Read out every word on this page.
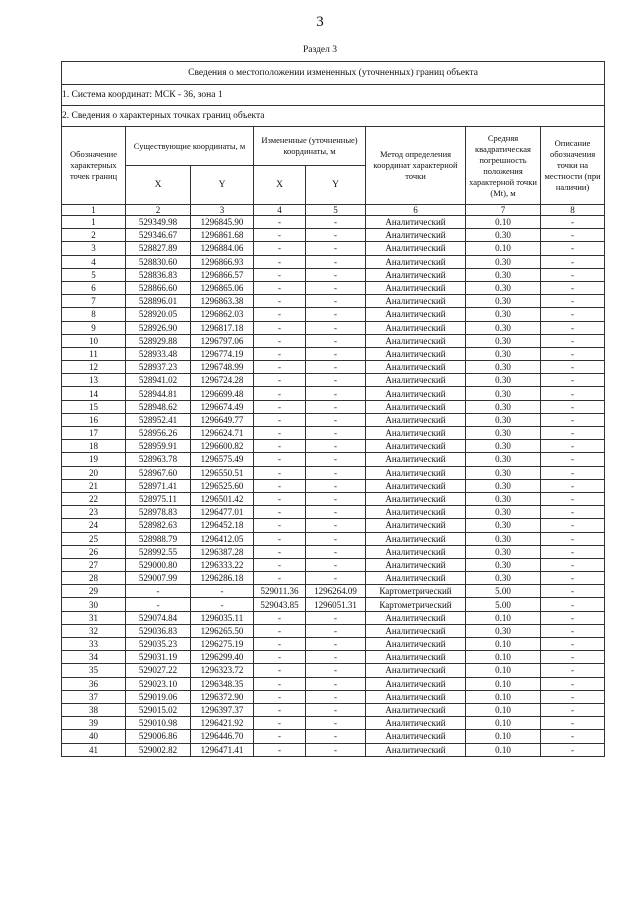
3
Раздел 3
Сведения о местоположении измененных (уточненных) границ объекта							
1. Система координат: МСК - 36, зона 1							
2. Сведения о характерных точках границ объекта							
Обозначение характерных точек границ	Существующие координаты, м		Измененные (уточненные) координаты, м		Метод определения координат характерной точки	Средняя квадратическая погрешность положения характерной точки (Mt), м	Описание обозначения точки на местности (при наличии)
	X	Y	X	Y			
1	2	3	4	5	6	7	8
1	529349.98	1296845.90	-	-	Аналитический	0.10	-
2	529346.67	1296861.68	-	-	Аналитический	0.30	-
3	528827.89	1296884.06	-	-	Аналитический	0.10	-
4	528830.60	1296866.93	-	-	Аналитический	0.30	-
5	528836.83	1296866.57	-	-	Аналитический	0.30	-
6	528866.60	1296865.06	-	-	Аналитический	0.30	-
7	528896.01	1296863.38	-	-	Аналитический	0.30	-
8	528920.05	1296862.03	-	-	Аналитический	0.30	-
9	528926.90	1296817.18	-	-	Аналитический	0.30	-
10	528929.88	1296797.06	-	-	Аналитический	0.30	-
11	528933.48	1296774.19	-	-	Аналитический	0.30	-
12	528937.23	1296748.99	-	-	Аналитический	0.30	-
13	528941.02	1296724.28	-	-	Аналитический	0.30	-
14	528944.81	1296699.48	-	-	Аналитический	0.30	-
15	528948.62	1296674.49	-	-	Аналитический	0.30	-
16	528952.41	1296649.77	-	-	Аналитический	0.30	-
17	528956.26	1296624.71	-	-	Аналитический	0.30	-
18	528959.91	1296600.82	-	-	Аналитический	0.30	-
19	528963.78	1296575.49	-	-	Аналитический	0.30	-
20	528967.60	1296550.51	-	-	Аналитический	0.30	-
21	528971.41	1296525.60	-	-	Аналитический	0.30	-
22	528975.11	1296501.42	-	-	Аналитический	0.30	-
23	528978.83	1296477.01	-	-	Аналитический	0.30	-
24	528982.63	1296452.18	-	-	Аналитический	0.30	-
25	528988.79	1296412.05	-	-	Аналитический	0.30	-
26	528992.55	1296387.28	-	-	Аналитический	0.30	-
27	529000.80	1296333.22	-	-	Аналитический	0.30	-
28	529007.99	1296286.18	-	-	Аналитический	0.30	-
29	-	-	529011.36	1296264.09	Картометрический	5.00	-
30	-	-	529043.85	1296051.31	Картометрический	5.00	-
31	529074.84	1296035.11	-	-	Аналитический	0.10	-
32	529036.83	1296265.50	-	-	Аналитический	0.30	-
33	529035.23	1296275.19	-	-	Аналитический	0.10	-
34	529031.19	1296299.40	-	-	Аналитический	0.10	-
35	529027.22	1296323.72	-	-	Аналитический	0.10	-
36	529023.10	1296348.35	-	-	Аналитический	0.10	-
37	529019.06	1296372.90	-	-	Аналитический	0.10	-
38	529015.02	1296397.37	-	-	Аналитический	0.10	-
39	529010.98	1296421.92	-	-	Аналитический	0.10	-
40	529006.86	1296446.70	-	-	Аналитический	0.10	-
41	529002.82	1296471.41	-	-	Аналитический	0.10	-
